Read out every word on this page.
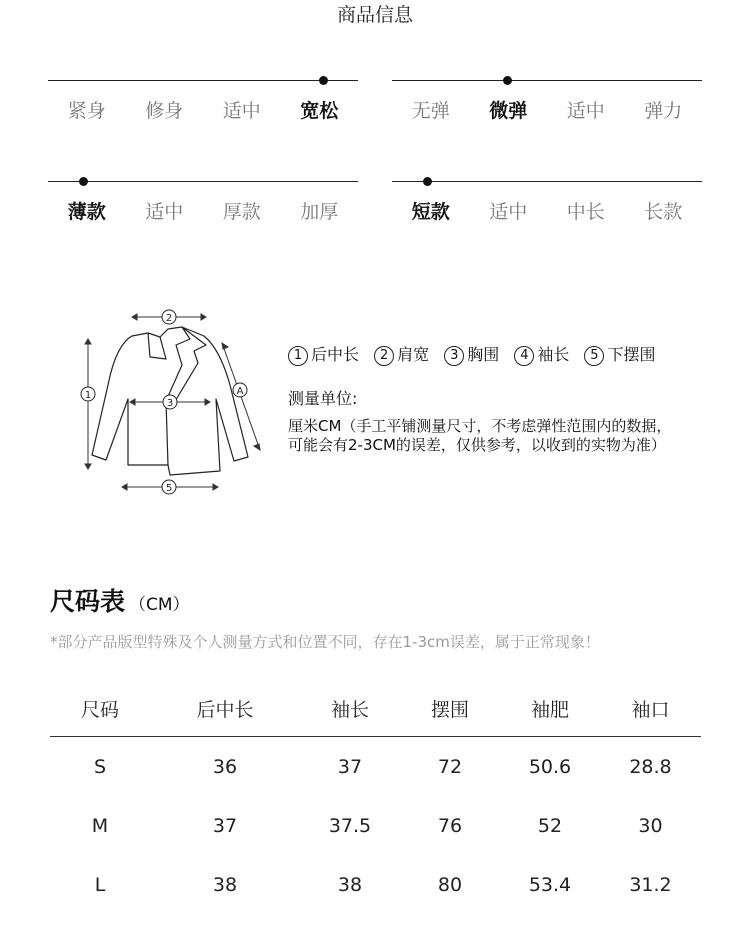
商品信息
紧身	修身	适中	宽松	无弹	微弹	适中	弹力
薄款	适中	厚款	加厚	短款	适中	中长	长款
2
1
3
A
5
1 后中长 2 肩宽 3 胸围 4 袖长 5 下摆围
测量单位:
厘米CM（手工平铺测量尺寸，不考虑弹性范围内的数据，
可能会有2-3CM的误差，仅供参考，以收到的实物为准）
尺码表 （CM）
*部分产品版型特殊及个人测量方式和位置不同，存在1-3cm误差，属于正常现象！
尺码	后中长	袖长	摆围	袖肥	袖口
S	36	37	72	50.6	28.8
M	37	37.5	76	52	30
L	38	38	80	53.4	31.2
